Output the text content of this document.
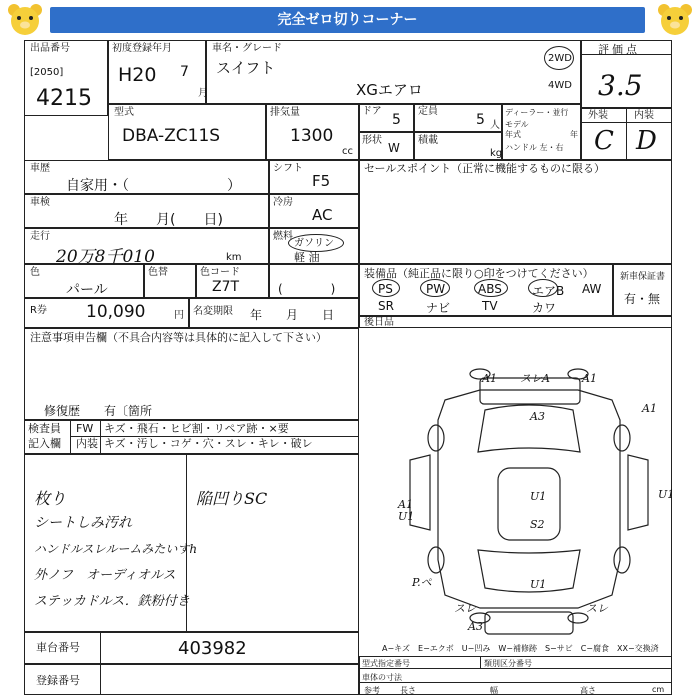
完全ゼロ切りコーナー
出品番号
[2050]
4215
初度登録年月
H20 7
月
車名・グレード
スイフト
XGエアロ
2WD
4WD
評価点
3.5
外装	内装
C D
型式
DBA-ZC11S
排気量
1300
cc
ドア
5
定員
5 人
形状
W
積載
kg
ディーラー・並行
モデル
年式	年
ハンドル 左・右
車歴
自家用・（　　　　　　　）
シフト
F5
車検
年　　月(　　日)
冷房
AC
走行
20万8千010	km
燃料
ガソリン
軽 油
色
パール
色替	色コード
Z7T	(　　　　)
R券 10,090	円 名変期限 年　　月　　日
セールスポイント（正常に機能するものに限る）
装備品（純正品に限り○印をつけてください）
PS	PW	ABS	エアB AW
SR	ナビ	TV	カワ
新車保証書
有・無
後日品
注意事項申告欄（不具合内容等は具体的に記入して下さい）
修復歴　　有〔箇所
検査員
記入欄
FW キズ・飛石・ヒビ割・リペア跡・×要
内装 キズ・汚し・コゲ・穴・スレ・キレ・破レ
枚り
シートしみ汚れ
ハンドルスレルームみたいすh
外ノフ　オーディオルス
ステッカドルス．鉄粉付き
陥凹りSC
車台番号	403982
登録番号
A1 スレA	A1
A3
A1
U1
A1
U1
S2
U1
P.ペ	U1
スレ
A3
スレ
A−キズ　E−エクボ　U−凹み　W−補修跡　S−サビ　C−腐食　XX−交換済
型式指定番号	類別区分番号
車体の寸法
参考	長さ	幅	高さ	cm
